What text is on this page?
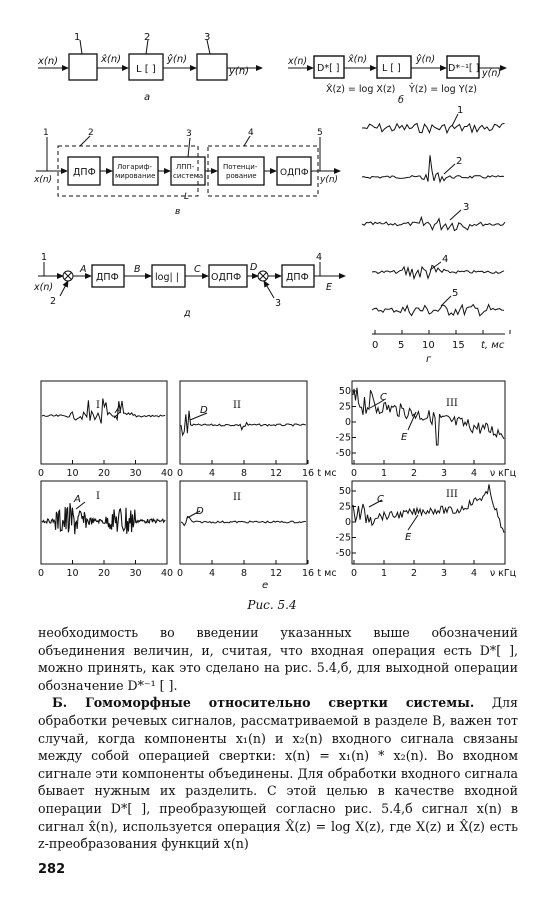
x(n)	x̂(n)
L [ ]
ŷ(n)
y(n)
1	2	3
а
x(n)
D*[ ]
x̂(n)
L [ ]
ŷ(n)
D*⁻¹[ ] y(n)
X̂(z) = log X(z) Ŷ(z) = log Y(z)
б
x(n)	y(n)
ДПФ	Логариф-
мирование
ЛПП-
система
L
Потенци-
рование	ОДПФ
1	2	3	4	5
в
x(n)
ДПФ	log| |	ОДПФ	ДПФ
A	B	C	D
E
1
2	3
4
д
1
2
3
4
5
0 5 10 15 t, мс
г
I	II	III
I	II	III
A	D
C
E
A
D
C
E
е
0 10 20 30 40 0	4	8 12 16 t мс 0	1	2	3	4 ν кГц
50
25
0
-25
-50
0 10 20 30 40 0	4	8 12 16 t мс 0	1	2	3	4 ν кГц
50
25
0
-25
-50
Рис. 5.4

необходимость во введении указанных выше обозначений объединения величин, и, считая, что входная операция есть D*[ ], можно принять, как это сделано на рис. 5.4,б, для выходной операции обозначение D*⁻¹ [ ].

Б. Гомоморфные относительно свертки системы. Для обработки речевых сигналов, рассматриваемой в разделе В, важен тот случай, когда компоненты x₁(n) и x₂(n) входного сигнала связаны между собой операцией свертки: x(n) = x₁(n) * x₂(n). Во входном сигнале эти компоненты объединены. Для обработки входного сигнала бывает нужным их разделить. С этой целью в качестве входной операции D*[ ], преобразующей согласно рис. 5.4,б сигнал x(n) в сигнал x̂(n), используется операция X̂(z) = log X(z), где X(z) и X̂(z) есть z-преобразования функций x(n)

282
